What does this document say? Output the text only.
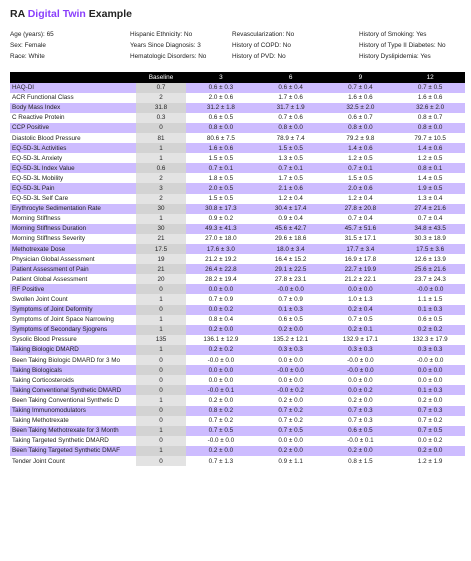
RA Digital Twin Example
Age (years): 65	Hispanic Ethnicity: No	Revascularization: No	History of Smoking: Yes
Sex: Female	Years Since Diagnosis: 3	History of COPD: No	History of Type II Diabetes: No
Race: White	Hematologic Disorders: No	History of PVD: No	History Dyslipidemia: Yes
	Baseline	3	6	9	12
HAQ-DI	0.7	0.6 ± 0.3	0.6 ± 0.4	0.7 ± 0.4	0.7 ± 0.5
ACR Functional Class	2	2.0 ± 0.6	1.7 ± 0.6	1.6 ± 0.6	1.6 ± 0.6
Body Mass Index	31.8	31.2 ± 1.8	31.7 ± 1.9	32.5 ± 2.0	32.6 ± 2.0
C Reactive Protein	0.3	0.6 ± 0.5	0.7 ± 0.6	0.6 ± 0.7	0.8 ± 0.7
CCP Positive	0	0.8 ± 0.0	0.8 ± 0.0	0.8 ± 0.0	0.8 ± 0.0
Diastolic Blood Pressure	81	80.6 ± 7.5	78.9 ± 7.4	79.2 ± 9.8	79.7 ± 10.5
EQ-5D-3L Activities	1	1.6 ± 0.6	1.5 ± 0.5	1.4 ± 0.6	1.4 ± 0.6
EQ-5D-3L Anxiety	1	1.5 ± 0.5	1.3 ± 0.5	1.2 ± 0.5	1.2 ± 0.5
EQ-5D-3L Index Value	0.6	0.7 ± 0.1	0.7 ± 0.1	0.7 ± 0.1	0.8 ± 0.1
EQ-5D-3L Mobility	2	1.8 ± 0.5	1.7 ± 0.5	1.5 ± 0.5	1.4 ± 0.5
EQ-5D-3L Pain	3	2.0 ± 0.5	2.1 ± 0.6	2.0 ± 0.6	1.9 ± 0.5
EQ-5D-3L Self Care	2	1.5 ± 0.5	1.2 ± 0.4	1.2 ± 0.4	1.3 ± 0.4
Erythrocyte Sedimentation Rate	30	30.8 ± 17.3	30.4 ± 17.4	27.8 ± 20.8	27.4 ± 21.6
Morning Stiffness	1	0.9 ± 0.2	0.9 ± 0.4	0.7 ± 0.4	0.7 ± 0.4
Morning Stiffness Duration	30	49.3 ± 41.3	45.6 ± 42.7	45.7 ± 51.6	34.8 ± 43.5
Morning Stiffness Severity	21	27.0 ± 18.0	29.6 ± 18.6	31.5 ± 17.1	30.3 ± 18.9
Methotrexate Dose	17.5	17.6 ± 3.0	18.0 ± 3.4	17.7 ± 3.4	17.5 ± 3.6
Physician Global Assessment	19	21.2 ± 19.2	16.4 ± 15.2	16.9 ± 17.8	12.6 ± 13.9
Patient Assessment of Pain	21	26.4 ± 22.8	29.1 ± 22.5	22.7 ± 19.9	25.6 ± 21.6
Patient Global Assessment	20	28.2 ± 19.4	27.8 ± 23.1	21.2 ± 22.1	23.7 ± 24.3
RF Positive	0	0.0 ± 0.0	-0.0 ± 0.0	0.0 ± 0.0	-0.0 ± 0.0
Swollen Joint Count	1	0.7 ± 0.9	0.7 ± 0.9	1.0 ± 1.3	1.1 ± 1.5
Symptoms of Joint Deformity	0	0.0 ± 0.2	0.1 ± 0.3	0.2 ± 0.4	0.1 ± 0.3
Symptoms of Joint Space Narrowing	1	0.8 ± 0.4	0.6 ± 0.5	0.7 ± 0.5	0.6 ± 0.5
Symptoms of Secondary Sjogrens	1	0.2 ± 0.0	0.2 ± 0.0	0.2 ± 0.1	0.2 ± 0.2
Sysolic Blood Pressure	135	136.1 ± 12.9	135.2 ± 12.1	132.9 ± 17.1	132.3 ± 17.9
Taking Biologic DMARD	1	0.2 ± 0.2	0.3 ± 0.3	0.3 ± 0.3	0.3 ± 0.3
Been Taking Biologic DMARD for 3 Mo	0	-0.0 ± 0.0	0.0 ± 0.0	-0.0 ± 0.0	-0.0 ± 0.0
Taking Biologicals	0	0.0 ± 0.0	-0.0 ± 0.0	-0.0 ± 0.0	0.0 ± 0.0
Taking Corticosteroids	0	0.0 ± 0.0	0.0 ± 0.0	0.0 ± 0.0	0.0 ± 0.0
Taking Conventional Synthetic DMARD	0	-0.0 ± 0.1	-0.0 ± 0.2	0.0 ± 0.2	0.1 ± 0.3
Been Taking Conventional Synthetic D	1	0.2 ± 0.0	0.2 ± 0.0	0.2 ± 0.0	0.2 ± 0.0
Taking Immunomodulators	0	0.8 ± 0.2	0.7 ± 0.2	0.7 ± 0.3	0.7 ± 0.3
Taking Methotrexate	0	0.7 ± 0.2	0.7 ± 0.2	0.7 ± 0.3	0.7 ± 0.2
Been Taking Methotrexate for 3 Month	1	0.7 ± 0.5	0.7 ± 0.5	0.6 ± 0.5	0.7 ± 0.5
Taking Targeted Synthetic DMARD	0	-0.0 ± 0.0	0.0 ± 0.0	-0.0 ± 0.1	0.0 ± 0.2
Been Taking Targeted Synthetic DMAF	1	0.2 ± 0.0	0.2 ± 0.0	0.2 ± 0.0	0.2 ± 0.0
Tender Joint Count	0	0.7 ± 1.3	0.9 ± 1.1	0.8 ± 1.5	1.2 ± 1.9
